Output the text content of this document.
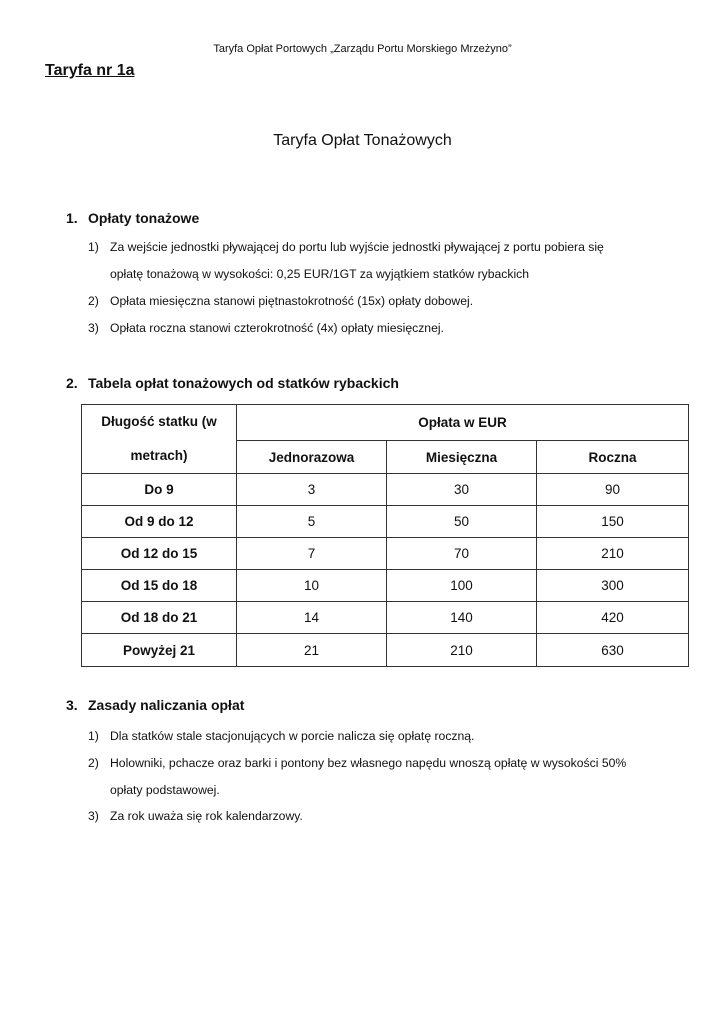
Taryfa Opłat Portowych „Zarządu Portu Morskiego Mrzeżyno”
Taryfa nr 1a
Taryfa Opłat Tonażowych
1. Opłaty tonażowe
1) Za wejście jednostki pływającej do portu lub wyjście jednostki pływającej z portu pobiera się
opłatę tonażową w wysokości: 0,25 EUR/1GT za wyjątkiem statków rybackich
2) Opłata miesięczna stanowi piętnastokrotność (15x) opłaty dobowej.
3) Opłata roczna stanowi czterokrotność (4x) opłaty miesięcznej.
2. Tabela opłat tonażowych od statków rybackich
Długość statku (w
metrach)	Opłata w EUR		
	Jednorazowa	Miesięczna	Roczna
Do 9	3	30	90
Od 9 do 12	5	50	150
Od 12 do 15	7	70	210
Od 15 do 18	10	100	300
Od 18 do 21	14	140	420
Powyżej 21	21	210	630
3. Zasady naliczania opłat
1) Dla statków stale stacjonujących w porcie nalicza się opłatę roczną.
2) Holowniki, pchacze oraz barki i pontony bez własnego napędu wnoszą opłatę w wysokości 50%
opłaty podstawowej.
3) Za rok uważa się rok kalendarzowy.
